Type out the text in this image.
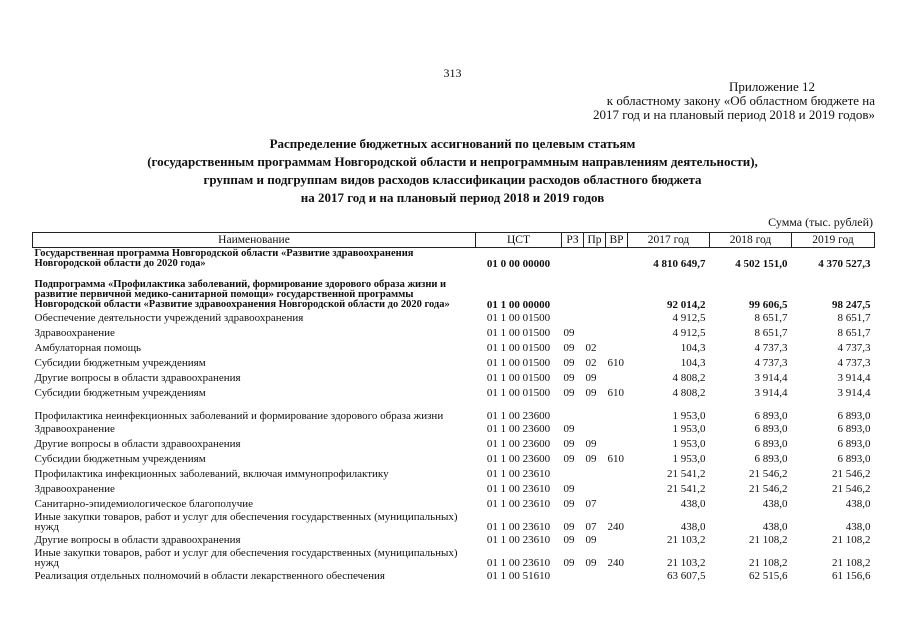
313
Приложение 12
к областному закону «Об областном бюджете на
2017 год и на плановый период 2018 и 2019 годов»
Распределение бюджетных ассигнований по целевым статьям
(государственным программам Новгородской области и непрограммным направлениям деятельности),
группам и подгруппам видов расходов классификации расходов областного бюджета
на 2017 год и на плановый период 2018 и 2019 годов
Сумма (тыс. рублей)
Наименование	ЦСТ	РЗ	Пр	ВР	2017 год	2018 год	2019 год
Государственная программа Новгородской области «Развитие здравоохранения Новгородской области до 2020 года»	01 0 00 00000				4 810 649,7	4 502 151,0	4 370 527,3
Подпрограмма «Профилактика заболеваний, формирование здорового образа жизни и развитие первичной медико-санитарной помощи» государственной программы Новгородской области «Развитие здравоохранения Новгородской области до 2020 года»	01 1 00 00000				92 014,2	99 606,5	98 247,5
Обеспечение деятельности учреждений здравоохранения	01 1 00 01500				4 912,5	8 651,7	8 651,7
Здравоохранение	01 1 00 01500	09			4 912,5	8 651,7	8 651,7
Амбулаторная помощь	01 1 00 01500	09	02		104,3	4 737,3	4 737,3
Субсидии бюджетным учреждениям	01 1 00 01500	09	02	610	104,3	4 737,3	4 737,3
Другие вопросы в области здравоохранения	01 1 00 01500	09	09		4 808,2	3 914,4	3 914,4
Субсидии бюджетным учреждениям	01 1 00 01500	09	09	610	4 808,2	3 914,4	3 914,4
Профилактика неинфекционных заболеваний и формирование здорового образа жизни	01 1 00 23600				1 953,0	6 893,0	6 893,0
Здравоохранение	01 1 00 23600	09			1 953,0	6 893,0	6 893,0
Другие вопросы в области здравоохранения	01 1 00 23600	09	09		1 953,0	6 893,0	6 893,0
Субсидии бюджетным учреждениям	01 1 00 23600	09	09	610	1 953,0	6 893,0	6 893,0
Профилактика инфекционных заболеваний, включая иммунопрофилактику	01 1 00 23610				21 541,2	21 546,2	21 546,2
Здравоохранение	01 1 00 23610	09			21 541,2	21 546,2	21 546,2
Санитарно-эпидемиологическое благополучие	01 1 00 23610	09	07		438,0	438,0	438,0
Иные закупки товаров, работ и услуг для обеспечения государственных (муниципальных) нужд	01 1 00 23610	09	07	240	438,0	438,0	438,0
Другие вопросы в области здравоохранения	01 1 00 23610	09	09		21 103,2	21 108,2	21 108,2
Иные закупки товаров, работ и услуг для обеспечения государственных (муниципальных) нужд	01 1 00 23610	09	09	240	21 103,2	21 108,2	21 108,2
Реализация отдельных полномочий в области лекарственного обеспечения	01 1 00 51610				63 607,5	62 515,6	61 156,6
